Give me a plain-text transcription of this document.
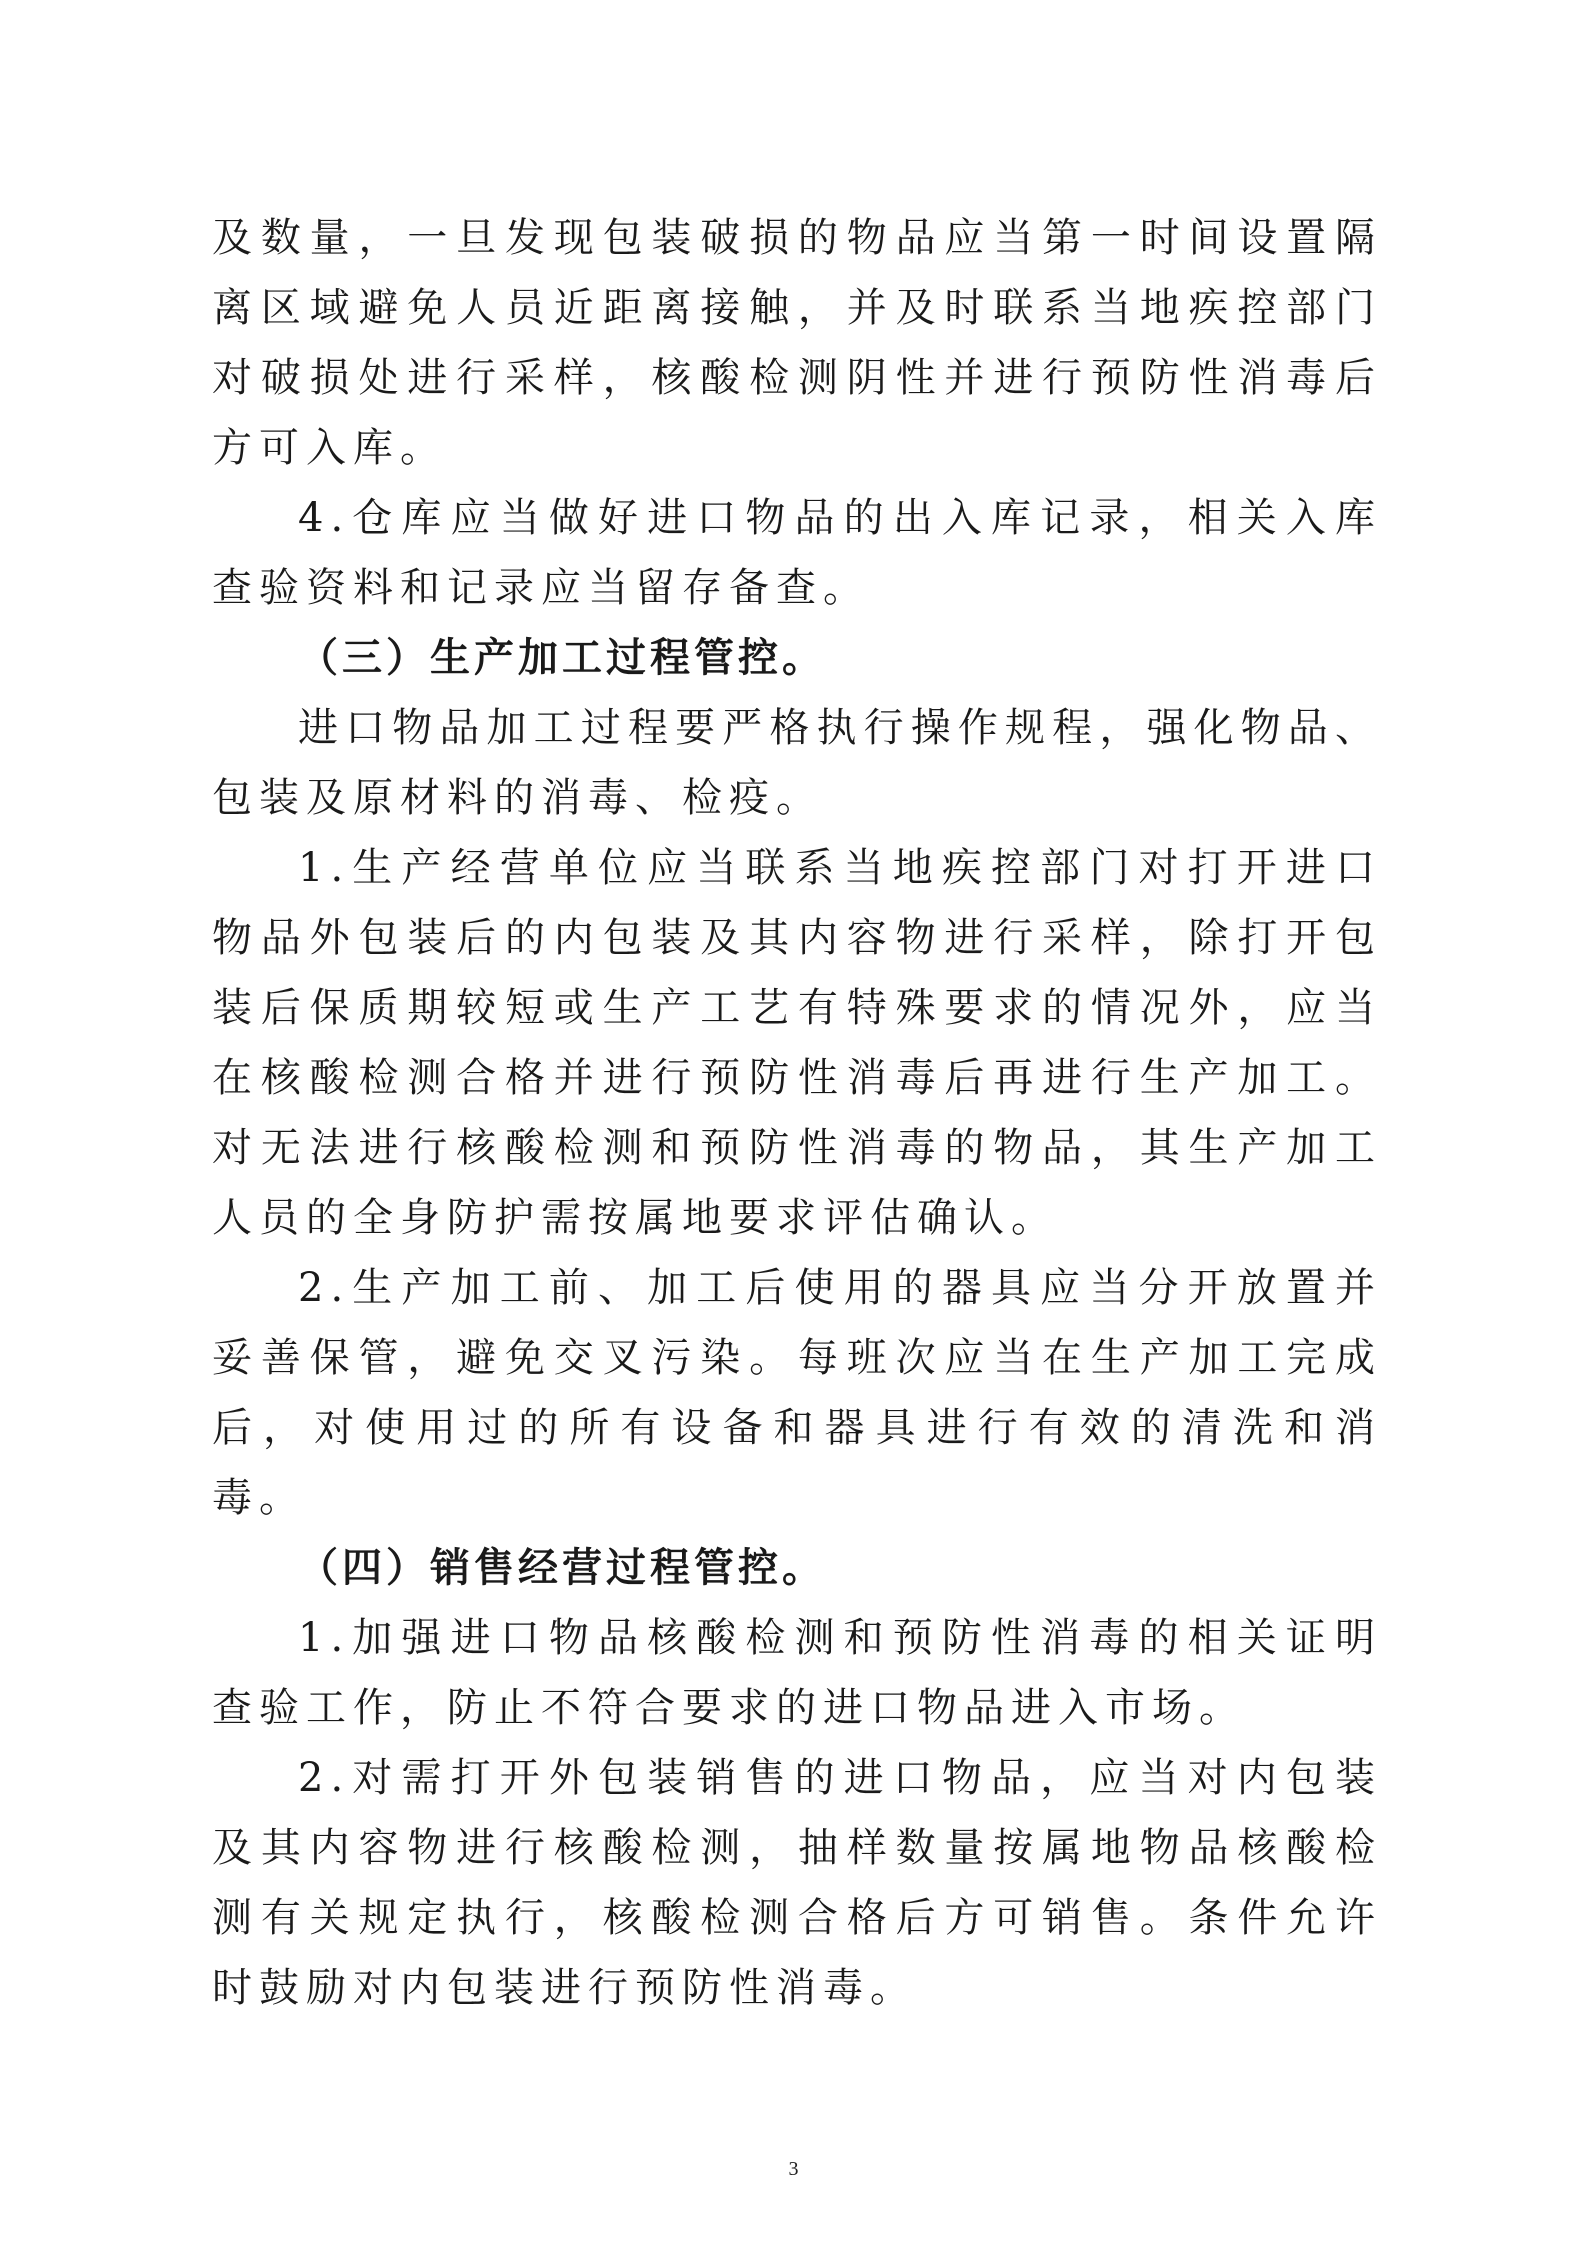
及数量，一旦发现包装破损的物品应当第一时间设置隔离区域避免人员近距离接触，并及时联系当地疾控部门对破损处进行采样，核酸检测阴性并进行预防性消毒后方可入库。

4.仓库应当做好进口物品的出入库记录，相关入库查验资料和记录应当留存备查。

（三）生产加工过程管控。

进口物品加工过程要严格执行操作规程，强化物品、包装及原材料的消毒、检疫。

1.生产经营单位应当联系当地疾控部门对打开进口物品外包装后的内包装及其内容物进行采样，除打开包装后保质期较短或生产工艺有特殊要求的情况外，应当在核酸检测合格并进行预防性消毒后再进行生产加工。对无法进行核酸检测和预防性消毒的物品，其生产加工人员的全身防护需按属地要求评估确认。

2.生产加工前、加工后使用的器具应当分开放置并妥善保管，避免交叉污染。每班次应当在生产加工完成后，对使用过的所有设备和器具进行有效的清洗和消毒。

（四）销售经营过程管控。

1.加强进口物品核酸检测和预防性消毒的相关证明查验工作，防止不符合要求的进口物品进入市场。

2.对需打开外包装销售的进口物品，应当对内包装及其内容物进行核酸检测，抽样数量按属地物品核酸检测有关规定执行，核酸检测合格后方可销售。条件允许时鼓励对内包装进行预防性消毒。

3
